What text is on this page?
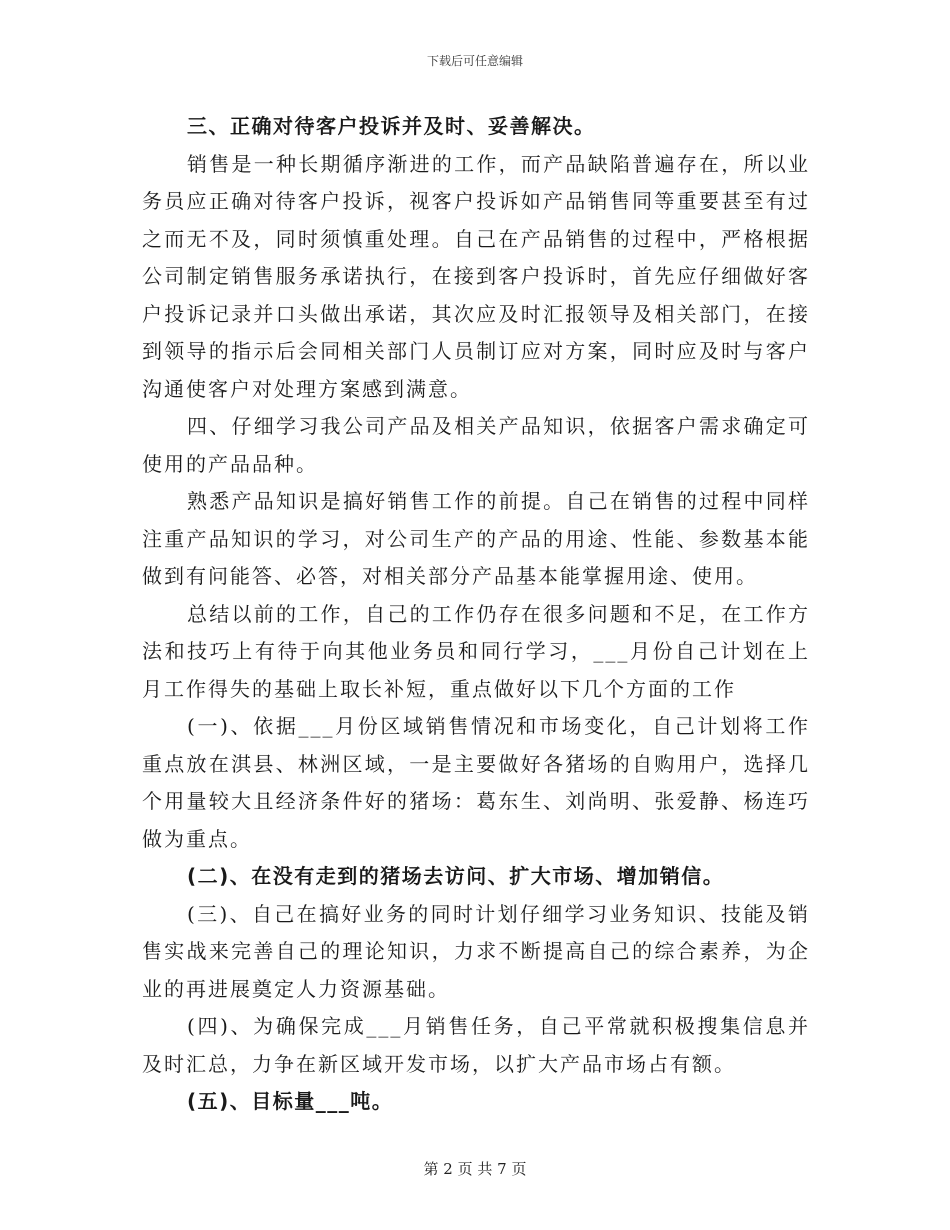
下载后可任意编辑

三、正确对待客户投诉并及时、妥善解决。

销售是一种长期循序渐进的工作，而产品缺陷普遍存在，所以业务员应正确对待客户投诉，视客户投诉如产品销售同等重要甚至有过之而无不及，同时须慎重处理。自己在产品销售的过程中，严格根据公司制定销售服务承诺执行，在接到客户投诉时，首先应仔细做好客户投诉记录并口头做出承诺，其次应及时汇报领导及相关部门，在接到领导的指示后会同相关部门人员制订应对方案，同时应及时与客户沟通使客户对处理方案感到满意。

四、仔细学习我公司产品及相关产品知识，依据客户需求确定可使用的产品品种。

熟悉产品知识是搞好销售工作的前提。自己在销售的过程中同样注重产品知识的学习，对公司生产的产品的用途、性能、参数基本能做到有问能答、必答，对相关部分产品基本能掌握用途、使用。

总结以前的工作，自己的工作仍存在很多问题和不足，在工作方法和技巧上有待于向其他业务员和同行学习，___月份自己计划在上月工作得失的基础上取长补短，重点做好以下几个方面的工作

(一)、依据___月份区域销售情况和市场变化，自己计划将工作重点放在淇县、林洲区域，一是主要做好各猪场的自购用户，选择几个用量较大且经济条件好的猪场：葛东生、刘尚明、张爱静、杨连巧做为重点。

(二)、在没有走到的猪场去访问、扩大市场、增加销信。

(三)、自己在搞好业务的同时计划仔细学习业务知识、技能及销售实战来完善自己的理论知识，力求不断提高自己的综合素养，为企业的再进展奠定人力资源基础。

(四)、为确保完成___月销售任务，自己平常就积极搜集信息并及时汇总，力争在新区域开发市场，以扩大产品市场占有额。

(五)、目标量___吨。

第 2 页 共 7 页
